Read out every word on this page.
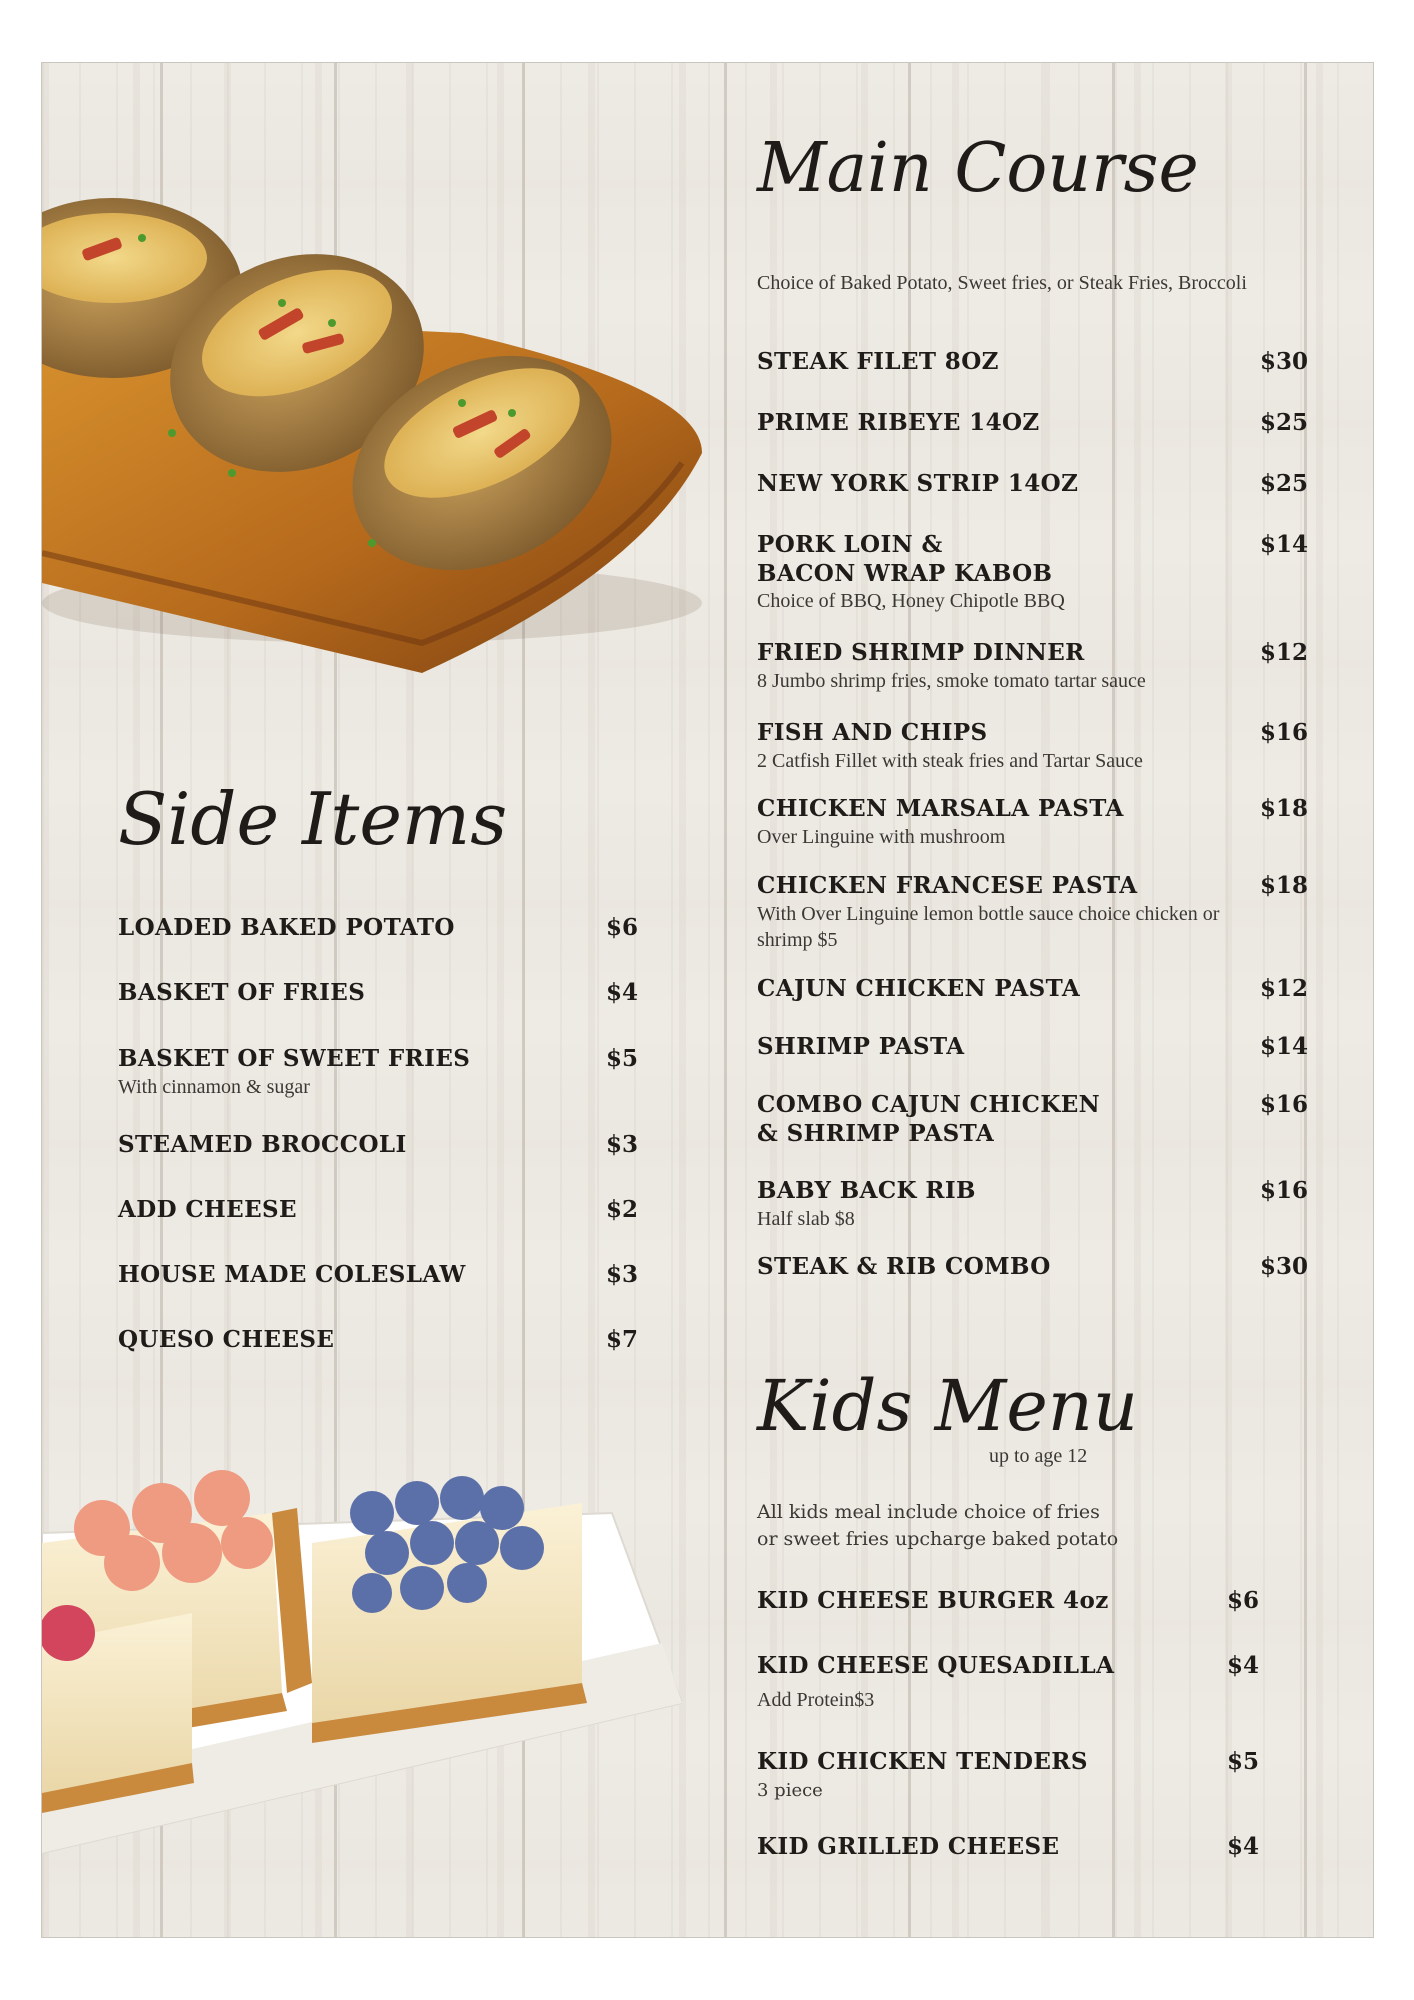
Side Items
LOADED BAKED POTATO	$6
BASKET OF FRIES	$4
BASKET OF SWEET FRIES	$5
With cinnamon & sugar
STEAMED BROCCOLI	$3
ADD CHEESE	$2
HOUSE MADE COLESLAW	$3
QUESO CHEESE	$7
Main Course
Choice of Baked Potato, Sweet fries, or Steak Fries, Broccoli
STEAK FILET 8OZ	$30
PRIME RIBEYE 14OZ	$25
NEW YORK STRIP 14OZ	$25
PORK LOIN &
BACON WRAP KABOB
$14
Choice of BBQ, Honey Chipotle BBQ
FRIED SHRIMP DINNER	$12
8 Jumbo shrimp fries, smoke tomato tartar sauce
FISH AND CHIPS	$16
2 Catfish Fillet with steak fries and Tartar Sauce
CHICKEN MARSALA PASTA	$18
Over Linguine with mushroom
CHICKEN FRANCESE PASTA	$18
With Over Linguine lemon bottle sauce choice chicken or
shrimp $5
CAJUN CHICKEN PASTA	$12
SHRIMP PASTA	$14
COMBO CAJUN CHICKEN
& SHRIMP PASTA
$16
BABY BACK RIB	$16
Half slab $8
STEAK & RIB COMBO	$30
Kids Menu
up to age 12
All kids meal include choice of fries
or sweet fries upcharge baked potato
KID CHEESE BURGER 4oz	$6
KID CHEESE QUESADILLA	$4
Add Protein$3
KID CHICKEN TENDERS	$5
3 piece
KID GRILLED CHEESE	$4
